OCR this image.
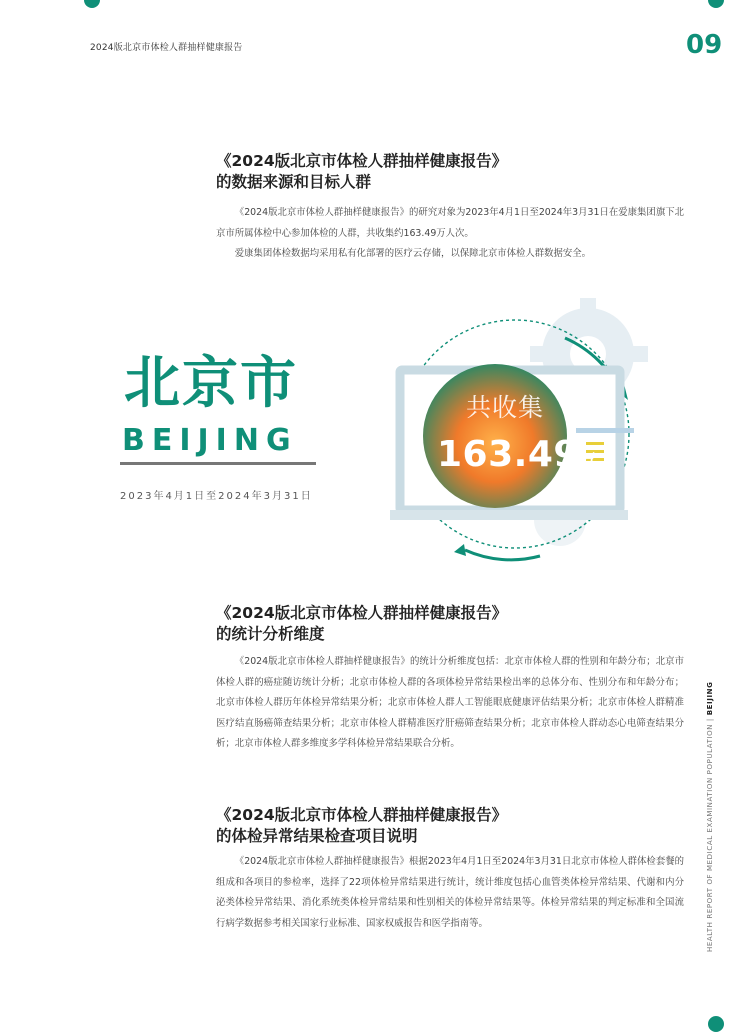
2024版北京市体检人群抽样健康报告	09
《2024版北京市体检人群抽样健康报告》
的数据来源和目标人群

《2024版北京市体检人群抽样健康报告》的研究对象为2023年4月1日至2024年3月31日在爱康集团旗下北京市所属体检中心参加体检的人群，共收集约163.49万人次。

爱康集团体检数据均采用私有化部署的医疗云存储，以保障北京市体检人群数据安全。

北京市
BEIJING
2023年4月1日至2024年3月31日
共收集
163.49万
《2024版北京市体检人群抽样健康报告》
的统计分析维度

《2024版北京市体检人群抽样健康报告》的统计分析维度包括：北京市体检人群的性别和年龄分布；北京市体检人群的癌症随访统计分析；北京市体检人群的各项体检异常结果检出率的总体分布、性别分布和年龄分布；北京市体检人群历年体检异常结果分析；北京市体检人群人工智能眼底健康评估结果分析；北京市体检人群精准医疗结直肠癌筛查结果分析；北京市体检人群精准医疗肝癌筛查结果分析；北京市体检人群动态心电筛查结果分析；北京市体检人群多维度多学科体检异常结果联合分析。

《2024版北京市体检人群抽样健康报告》
的体检异常结果检查项目说明

《2024版北京市体检人群抽样健康报告》根据2023年4月1日至2024年3月31日北京市体检人群体检套餐的组成和各项目的参检率，选择了22项体检异常结果进行统计，统计维度包括心血管类体检异常结果、代谢和内分泌类体检异常结果、消化系统类体检异常结果和性别相关的体检异常结果等。体检异常结果的判定标准和全国流行病学数据参考相关国家行业标准、国家权威报告和医学指南等。	HEALTH REPORT OF MEDICAL EXAMINATION POPULATION | BEIJING
